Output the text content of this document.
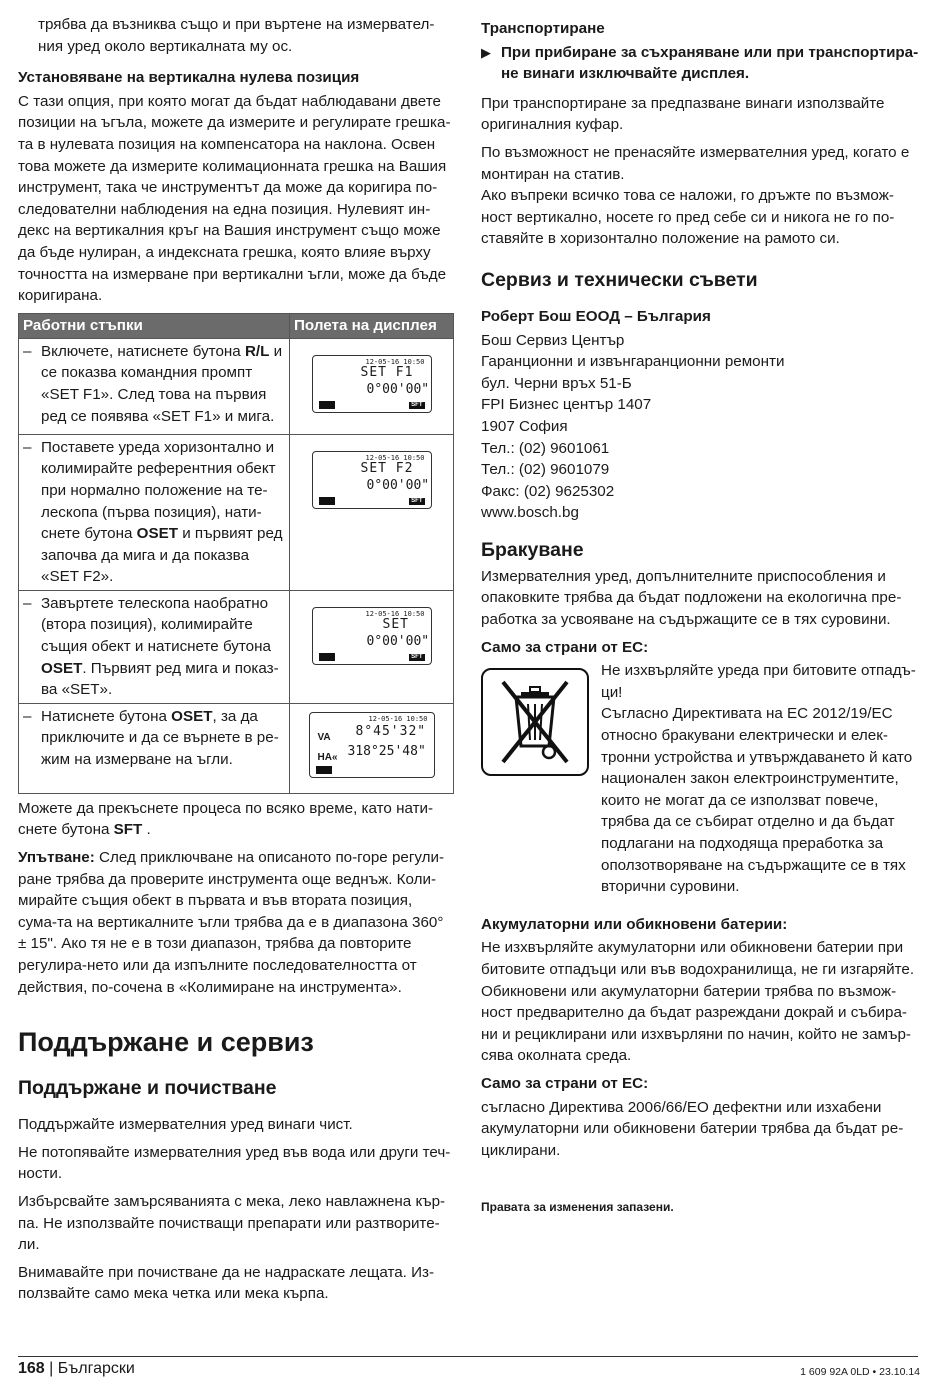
трябва да възниква също и при въртене на измервател-
ния уред около вертикалната му ос.

Установяване на вертикална нулева позиция

С тази опция, при която могат да бъдат наблюдавани двете позиции на ъгъла, можете да измерите и регулирате грешка-та в нулевата позиция на компенсатора на наклона. Освен това можете да измерите колимационната грешка на Вашия инструмент, така че инструментът да може да коригира по-следователни наблюдения на една позиция. Нулевият ин-декс на вертикалния кръг на Вашия инструмент също може да бъде нулиран, а индексната грешка, която влияе върху точността на измерване при вертикални ъгли, може да бъде коригирана.

Работни стъпки	Полета на дисплея

– Включете, натиснете бутона R/L и се показва командния промпт «SET F1». След това на първия ред се появява «SET F1» и мига.	12-05-16 10:50
SET F1
0°00'00"
SFT

– Поставете уреда хоризонтално и колимирайте референтния обект при нормално положение на те-лескопа (първа позиция), нати-снете бутона OSET и първият ред започва да мига и да показва «SET F2».	12-05-16 10:50
SET F2
0°00'00"
SFT

– Завъртете телескопа наобратно (втора позиция), колимирайте същия обект и натиснете бутона OSET. Първият ред мига и показ-ва «SET».	12-05-16 10:50
SET
0°00'00"
SFT

– Натиснете бутона OSET, за да приключите и да се върнете в ре-жим на измерване на ъгли.	12-05-16 10:50
VA 8°45'32"
HA« 318°25'48"

Можете да прекъснете процеса по всяко време, като нати-снете бутона SFT .

Упътване: След приключване на описаното по-горе регули-ране трябва да проверите инструмента още веднъж. Коли-мирайте същия обект в първата и във втората позиция, сума-та на вертикалните ъгли трябва да е в диапазона 360° ± 15". Ако тя не е в този диапазон, трябва да повторите регулира-нето или да изпълните последователността от действия, по-сочена в «Колимиране на инструмента».

Поддържане и сервиз
Поддържане и почистване

Поддържайте измервателния уред винаги чист.

Не потопявайте измервателния уред във вода или други теч-ности.

Избърсвайте замърсяванията с мека, леко навлажнена кър-па. Не използвайте почистващи препарати или разтворите-ли.

Внимавайте при почистване да не надраскате лещата. Из-ползвайте само мека четка или мека кърпа.

Транспортиране
▶ При прибиране за съхраняване или при транспортира-не винаги изключвайте дисплея.

При транспортиране за предпазване винаги използвайте оригиналния куфар.

По възможност не пренасяйте измервателния уред, когато е монтиран на статив.

Ако въпреки всичко това се наложи, го дръжте по възмож-ност вертикално, носете го пред себе си и никога не го по-ставяйте в хоризонтално положение на рамото си.

Сервиз и технически съвети
Роберт Бош ЕООД – България
Бош Сервиз Център
Гаранционни и извънгаранционни ремонти
бул. Черни връх 51-Б
FPI Бизнес център 1407
1907 София
Тел.: (02) 9601061
Тел.: (02) 9601079
Факс: (02) 9625302
www.bosch.bg
Бракуване

Измервателния уред, допълнителните приспособления и опаковките трябва да бъдат подложени на екологична пре-работка за усвояване на съдържащите се в тях суровини.

Само за страни от ЕС:

Не изхвърляйте уреда при битовите отпадъ-ци!

Съгласно Директивата на ЕС 2012/19/ЕС относно бракувани електрически и елек-тронни устройства и утвърждаването й като национален закон електроинструментите, които не могат да се използват повече, трябва да се събират отделно и да бъдат подлагани на подходяща преработка за оползотворяване на съдържащите се в тях вторични суровини.

Акумулаторни или обикновени батерии:

Не изхвърляйте акумулаторни или обикновени батерии при битовите отпадъци или във водохранилища, не ги изгаряйте. Обикновени или акумулаторни батерии трябва по възмож-ност предварително да бъдат разреждани докрай и събира-ни и рециклирани или изхвърляни по начин, който не замър-сява околната среда.

Само за страни от ЕС:

съгласно Директива 2006/66/ЕО дефектни или изхабени акумулаторни или обикновени батерии трябва да бъдат ре-циклирани.

Правата за изменения запазени.

168 | Български	1 609 92A 0LD • 23.10.14
